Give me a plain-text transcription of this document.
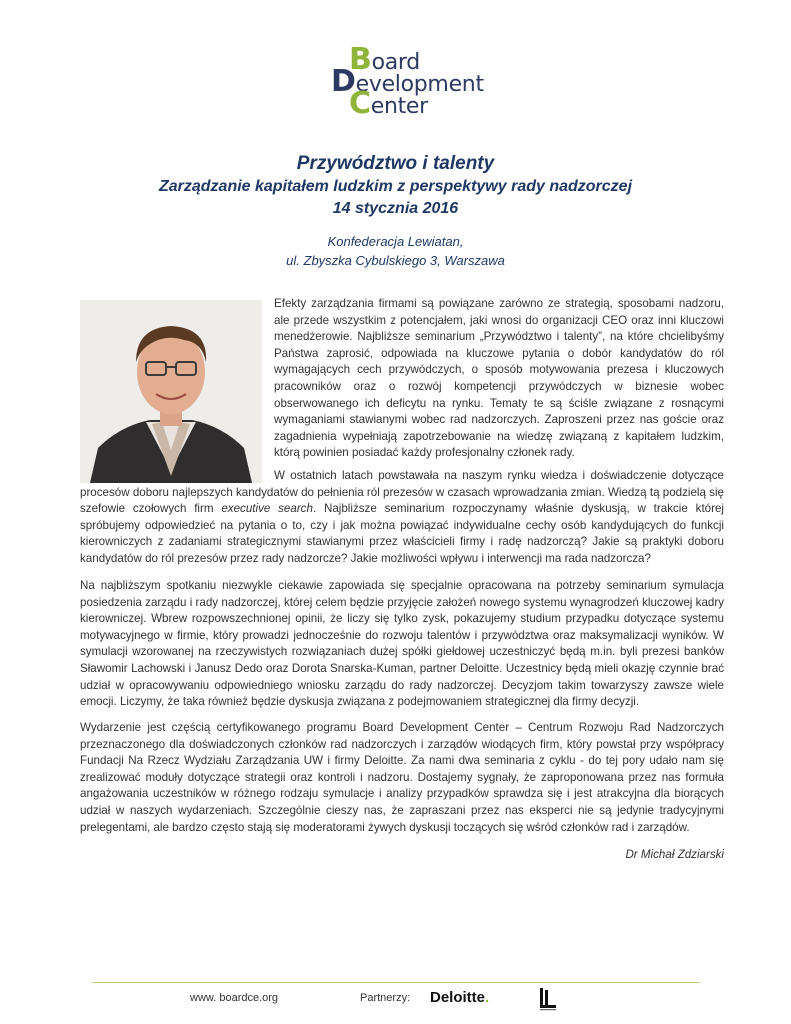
Board
Development
Center
Przywództwo i talenty
Zarządzanie kapitałem ludzkim z perspektywy rady nadzorczej
14 stycznia 2016
Konfederacja Lewiatan,
ul. Zbyszka Cybulskiego 3, Warszawa
Efekty zarządzania firmami są powiązane zarówno ze strategią, sposobami nadzoru, ale przede wszystkim z potencjałem, jaki wnosi do organizacji CEO oraz inni kluczowi menedżerowie. Najbliższe seminarium „Przywództwo i talenty”, na które chcielibyśmy Państwa zaprosić, odpowiada na kluczowe pytania o dobór kandydatów do ról wymagających cech przywódczych, o sposób motywowania prezesa i kluczowych pracowników oraz o rozwój kompetencji przywódczych w biznesie wobec obserwowanego ich deficytu na rynku. Tematy te są ściśle związane z rosnącymi wymaganiami stawianymi wobec rad nadzorczych. Zaproszeni przez nas goście oraz zagadnienia wypełniają zapotrzebowanie na wiedzę związaną z kapitałem ludzkim, którą powinien posiadać każdy profesjonalny członek rady.
W ostatnich latach powstawała na naszym rynku wiedza i doświadczenie dotyczące procesów doboru najlepszych kandydatów do pełnienia ról prezesów w czasach wprowadzania zmian. Wiedzą tą podzielą się szefowie czołowych firm executive search. Najbliższe seminarium rozpoczynamy właśnie dyskusją, w trakcie której spróbujemy odpowiedzieć na pytania o to, czy i jak można powiązać indywidualne cechy osób kandydujących do funkcji kierowniczych z zadaniami strategicznymi stawianymi przez właścicieli firmy i radę nadzorczą? Jakie są praktyki doboru kandydatów do ról prezesów przez rady nadzorcze? Jakie możliwości wpływu i interwencji ma rada nadzorcza?
Na najbliższym spotkaniu niezwykle ciekawie zapowiada się specjalnie opracowana na potrzeby seminarium symulacja posiedzenia zarządu i rady nadzorczej, której celem będzie przyjęcie założeń nowego systemu wynagrodzeń kluczowej kadry kierowniczej. Wbrew rozpowszechnionej opinii, że liczy się tylko zysk, pokazujemy studium przypadku dotyczące systemu motywacyjnego w firmie, który prowadzi jednocześnie do rozwoju talentów i przywództwa oraz maksymalizacji wyników. W symulacji wzorowanej na rzeczywistych rozwiązaniach dużej spółki giełdowej uczestniczyć będą m.in. byli prezesi banków Sławomir Lachowski i Janusz Dedo oraz Dorota Snarska-Kuman, partner Deloitte. Uczestnicy będą mieli okazję czynnie brać udział w opracowywaniu odpowiedniego wniosku zarządu do rady nadzorczej. Decyzjom takim towarzyszy zawsze wiele emocji. Liczymy, że taka również będzie dyskusja związana z podejmowaniem strategicznej dla firmy decyzji.
Wydarzenie jest częścią certyfikowanego programu Board Development Center – Centrum Rozwoju Rad Nadzorczych przeznaczonego dla doświadczonych członków rad nadzorczych i zarządów wiodących firm, który powstał przy współpracy Fundacji Na Rzecz Wydziału Zarządzania UW i firmy Deloitte. Za nami dwa seminaria z cyklu - do tej pory udało nam się zrealizować moduły dotyczące strategii oraz kontroli i nadzoru. Dostajemy sygnały, że zaproponowana przez nas formuła angażowania uczestników w różnego rodzaju symulacje i analizy przypadków sprawdza się i jest atrakcyjna dla biorących udział w naszych wydarzeniach. Szczególnie cieszy nas, że zapraszani przez nas eksperci nie są jedynie tradycyjnymi prelegentami, ale bardzo często stają się moderatorami żywych dyskusji toczących się wśród członków rad i zarządów.
Dr Michał Zdziarski
www. boardce.org	Partnerzy: Deloitte.
